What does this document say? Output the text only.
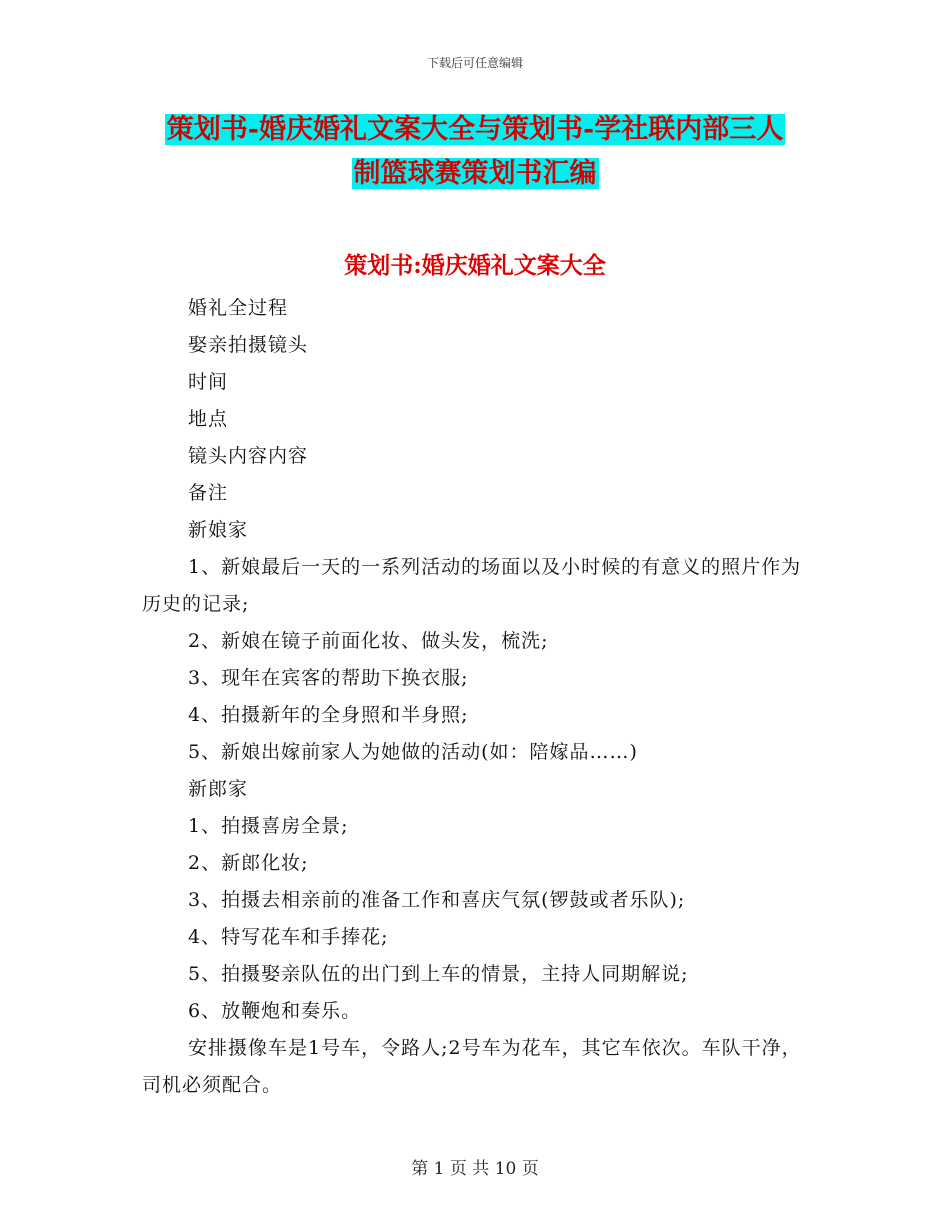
下载后可任意编辑
策划书-婚庆婚礼文案大全与策划书-学社联内部三人
制篮球赛策划书汇编
策划书:婚庆婚礼文案大全

婚礼全过程

娶亲拍摄镜头

时间

地点

镜头内容内容

备注

新娘家

1、新娘最后一天的一系列活动的场面以及小时候的有意义的照片作为历史的记录;

2、新娘在镜子前面化妆、做头发，梳洗;

3、现年在宾客的帮助下换衣服;

4、拍摄新年的全身照和半身照;

5、新娘出嫁前家人为她做的活动(如：陪嫁品……)

新郎家

1、拍摄喜房全景;

2、新郎化妆;

3、拍摄去相亲前的准备工作和喜庆气氛(锣鼓或者乐队);

4、特写花车和手捧花;

5、拍摄娶亲队伍的出门到上车的情景，主持人同期解说;

6、放鞭炮和奏乐。

安排摄像车是1号车，令路人;2号车为花车，其它车依次。车队干净，司机必须配合。

第 1 页 共 10 页
